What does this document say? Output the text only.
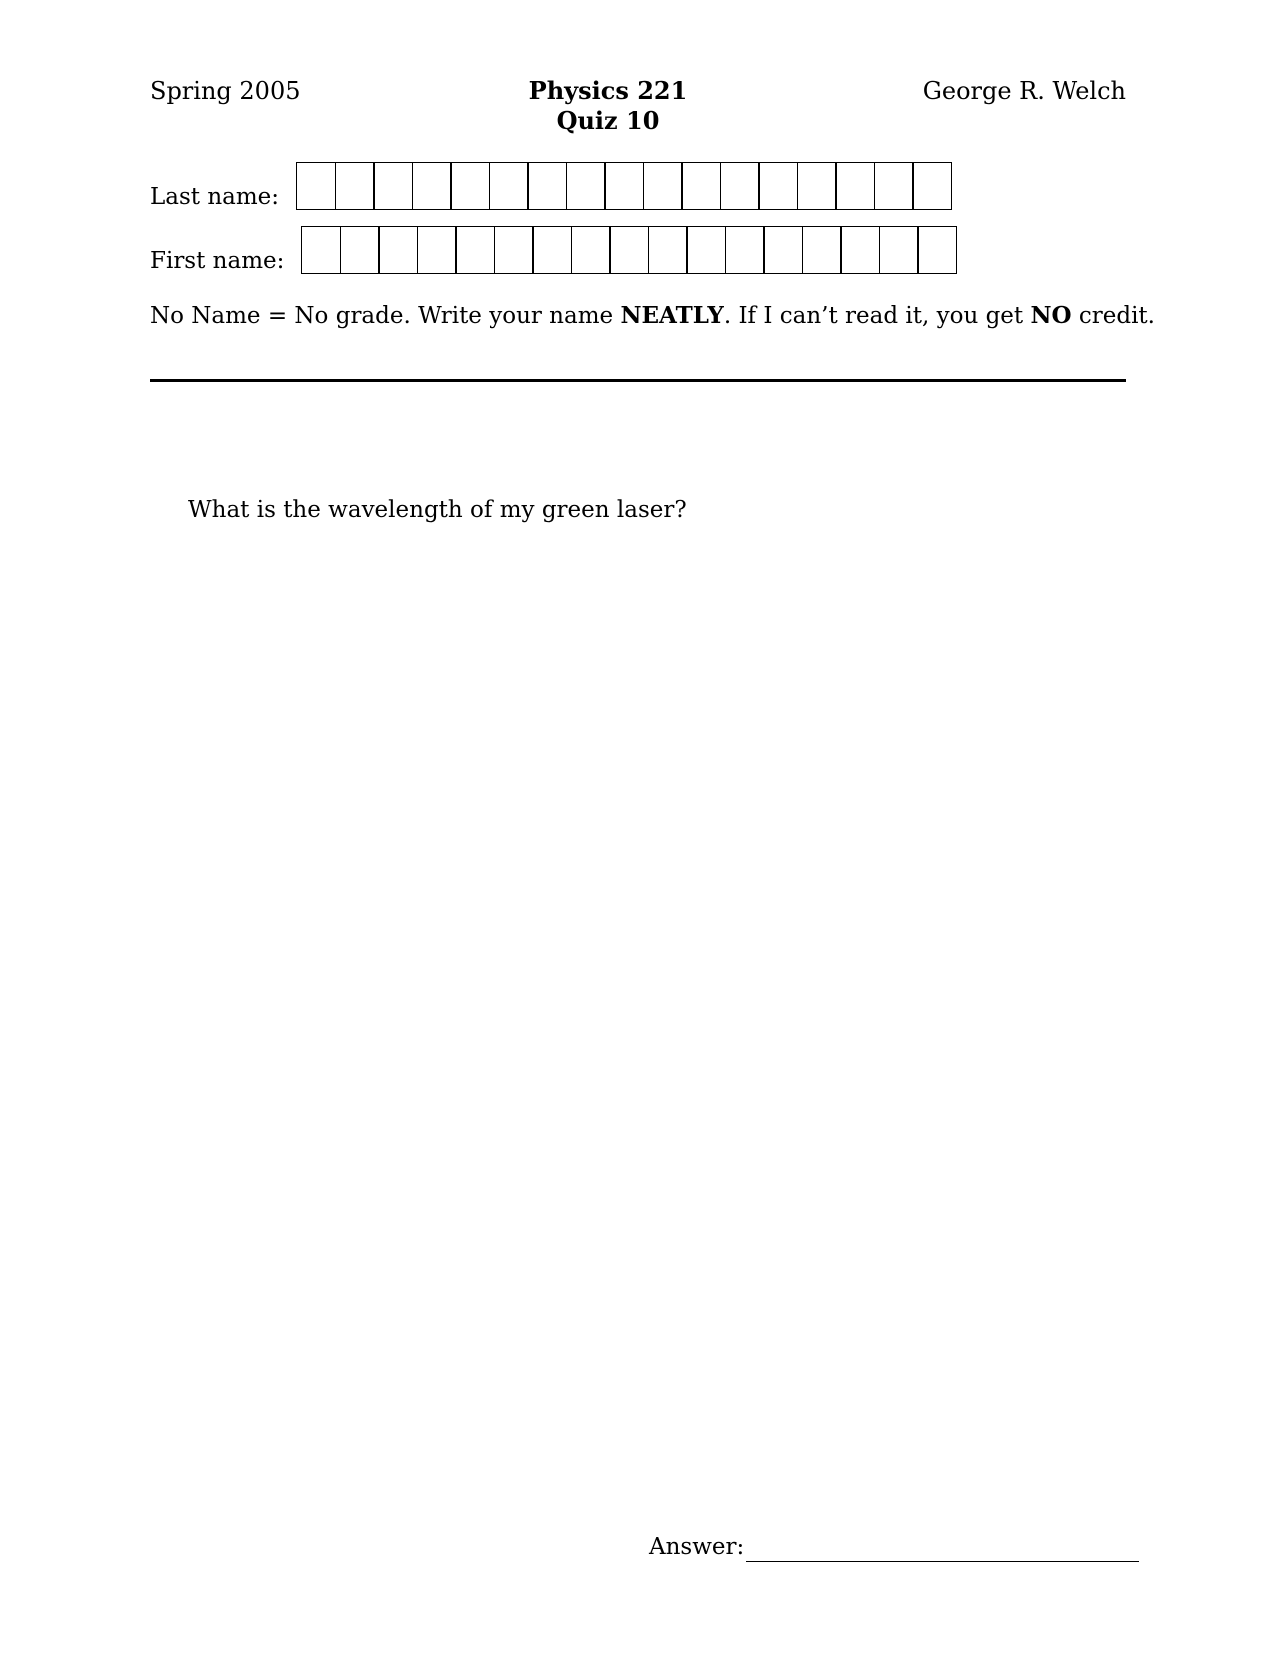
Spring 2005	Physics 221
Quiz 10
George R. Welch
Last name:
First name:
No Name = No grade. Write your name NEATLY. If I can’t read it, you get NO credit.
What is the wavelength of my green laser?
Answer:
